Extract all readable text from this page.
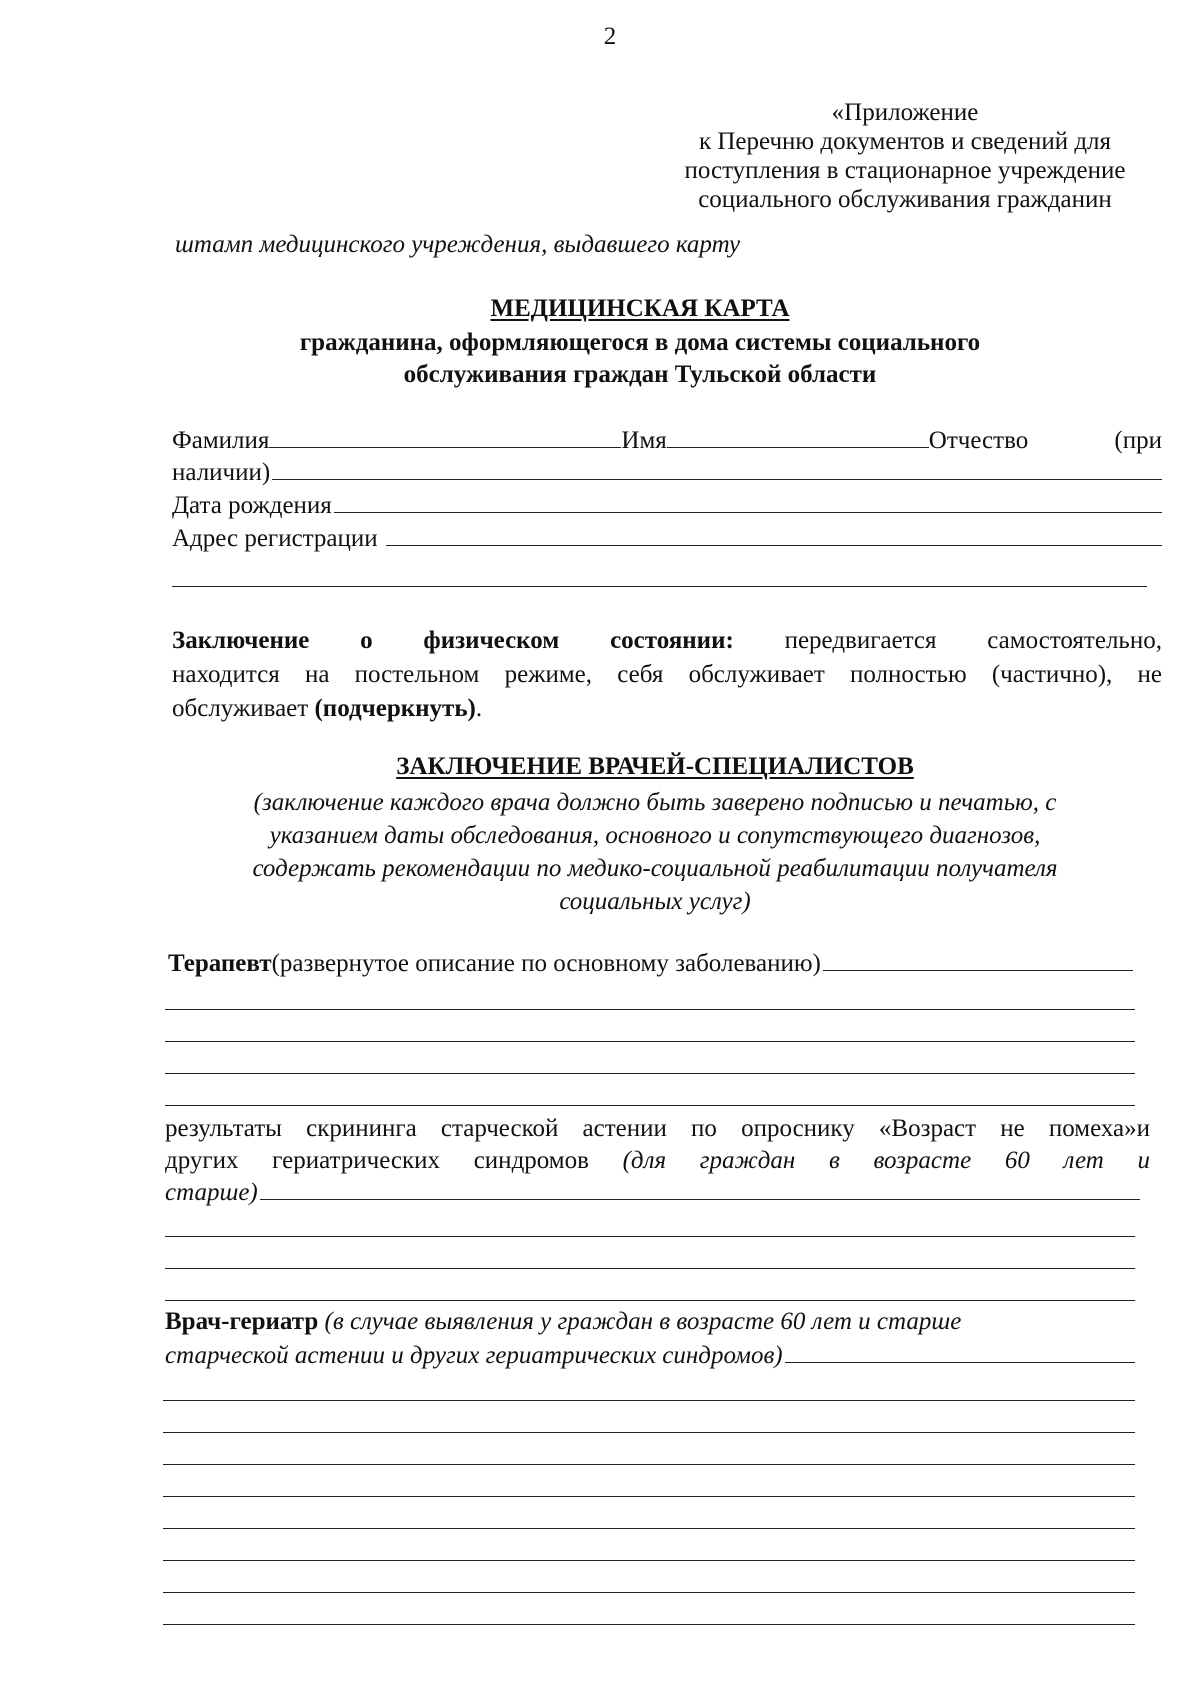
2
«Приложение
к Перечню документов и сведений для
поступления в стационарное учреждение
социального обслуживания гражданин
штамп медицинского учреждения, выдавшего карту
МЕДИЦИНСКАЯ КАРТА
гражданина, оформляющегося в дома системы социального
обслуживания граждан Тульской области
Фамилия	Имя	Отчество	(при
наличии)
Дата рождения
Адрес регистрации
Заключение о физическом состоянии: передвигается самостоятельно,
находится на постельном режиме, себя обслуживает полностью (частично), не
обслуживает (подчеркнуть).
ЗАКЛЮЧЕНИЕ ВРАЧЕЙ-СПЕЦИАЛИСТОВ
(заключение каждого врача должно быть заверено подписью и печатью, с
указанием даты обследования, основного и сопутствующего диагнозов,
содержать рекомендации по медико-социальной реабилитации получателя
социальных услуг)
Терапевт (развернутое описание по основному заболеванию)
результаты скрининга старческой астении по опроснику «Возраст не помеха»и
других гериатрических синдромов (для граждан в возрасте 60 лет и
старше)
Врач-гериатр (в случае выявления у граждан в возрасте 60 лет и старше
старческой астении и других гериатрических синдромов)
